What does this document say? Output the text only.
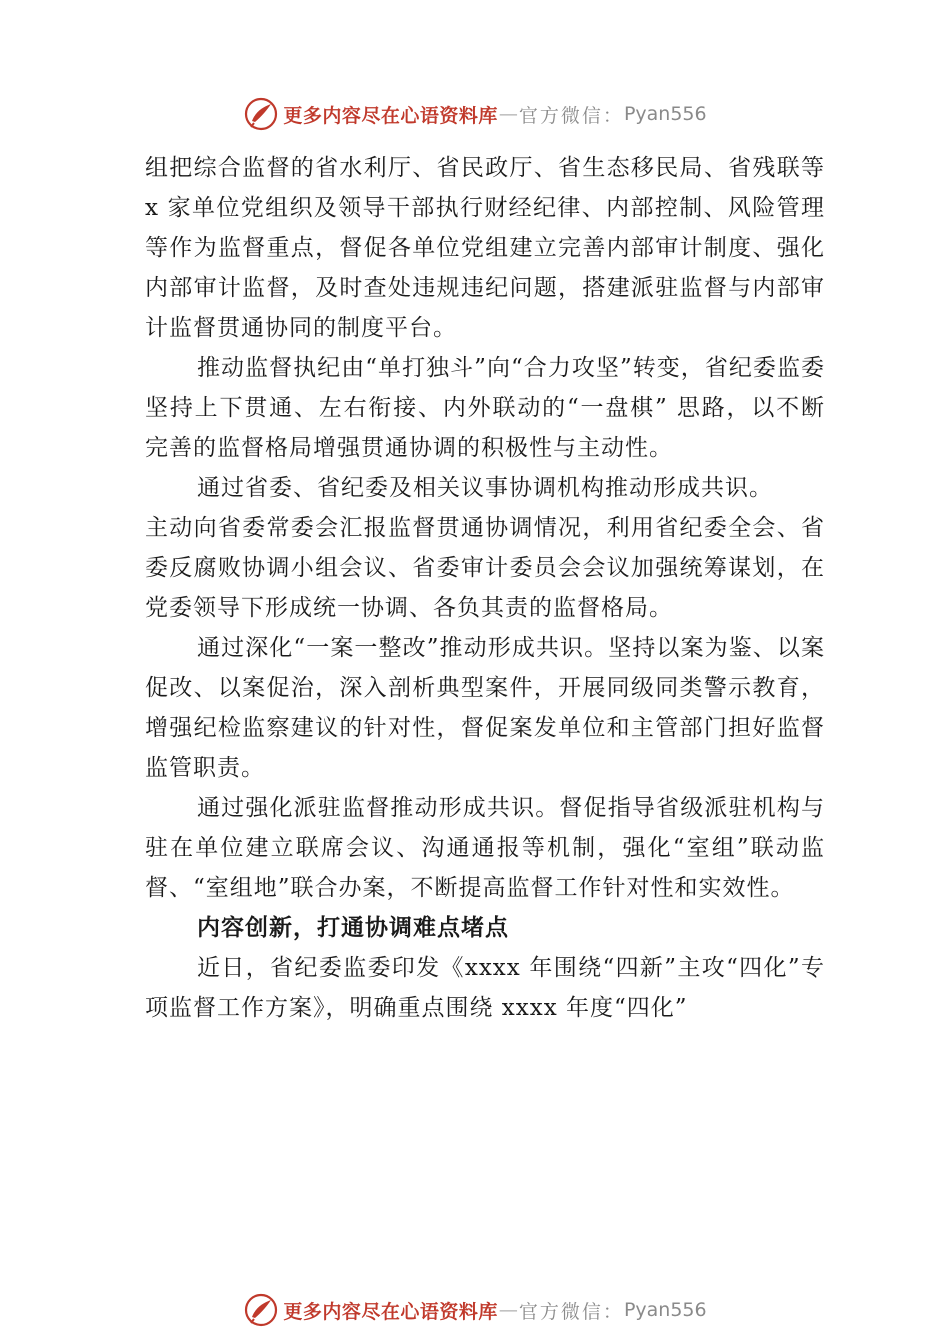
更多内容尽在心语资料库 — 官方微信： Pyan556

组把综合监督的省水利厅、省民政厅、省生态移民局、省残联等 x 家单位党组织及领导干部执行财经纪律、内部控制、风险管理等作为监督重点，督促各单位党组建立完善内部审计制度、强化内部审计监督，及时查处违规违纪问题，搭建派驻监督与内部审计监督贯通协同的制度平台。

推动监督执纪由“单打独斗”向“合力攻坚”转变，省纪委监委坚持上下贯通、左右衔接、内外联动的“一盘棋” 思路，以不断完善的监督格局增强贯通协调的积极性与主动性。

通过省委、省纪委及相关议事协调机构推动形成共识。

主动向省委常委会汇报监督贯通协调情况，利用省纪委全会、省委反腐败协调小组会议、省委审计委员会会议加强统筹谋划，在党委领导下形成统一协调、各负其责的监督格局。

通过深化“一案一整改”推动形成共识。坚持以案为鉴、以案促改、以案促治，深入剖析典型案件，开展同级同类警示教育，增强纪检监察建议的针对性，督促案发单位和主管部门担好监督监管职责。

通过强化派驻监督推动形成共识。督促指导省级派驻机构与驻在单位建立联席会议、沟通通报等机制，强化“室组”联动监督、“室组地”联合办案，不断提高监督工作针对性和实效性。

内容创新，打通协调难点堵点

近日，省纪委监委印发《xxxx 年围绕“四新”主攻“四化”专项监督工作方案》，明确重点围绕 xxxx 年度“四化”

更多内容尽在心语资料库 — 官方微信： Pyan556
